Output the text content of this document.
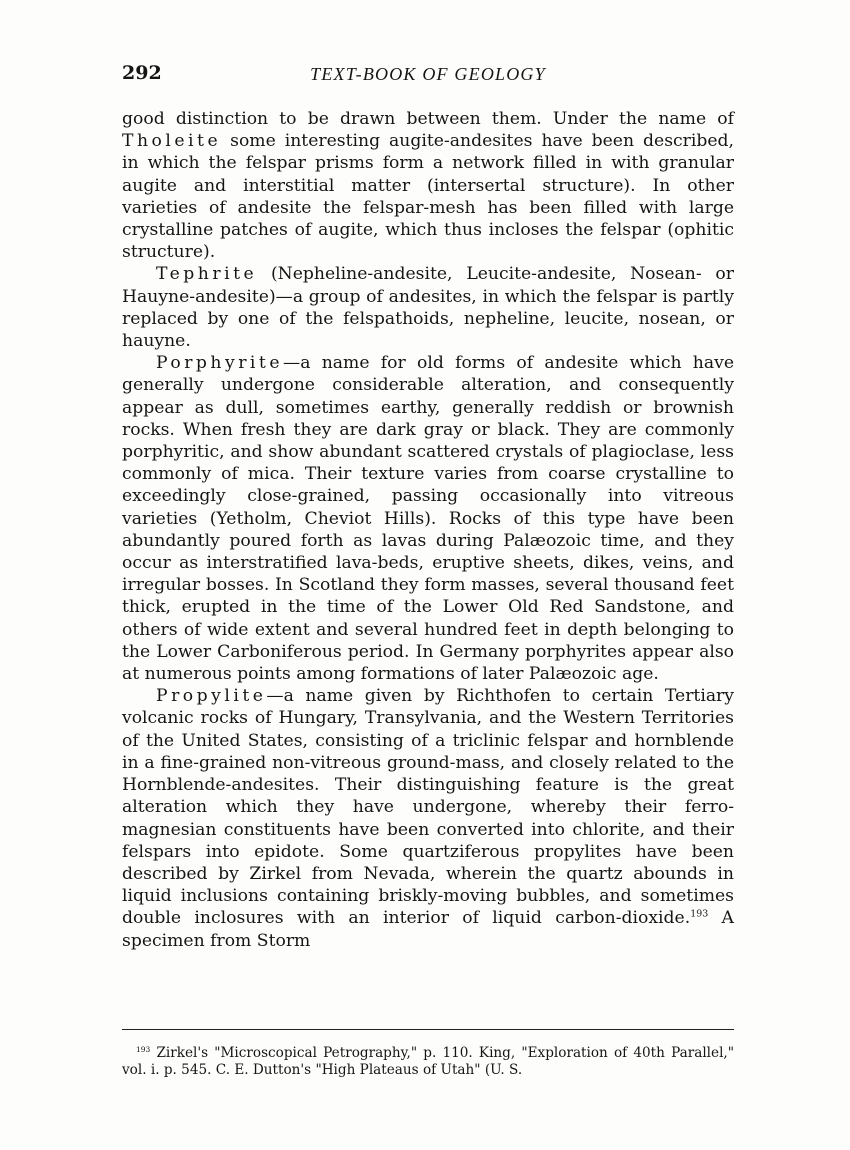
292	TEXT-BOOK OF GEOLOGY

good distinction to be drawn between them. Under the name of Tholeite some interesting augite-andesites have been described, in which the felspar prisms form a network filled in with granular augite and interstitial matter (intersertal structure). In other varieties of andesite the felspar-mesh has been filled with large crystalline patches of augite, which thus incloses the felspar (ophitic structure).

Tephrite (Nepheline-andesite, Leucite-andesite, Nosean- or Hauyne-andesite)—a group of andesites, in which the felspar is partly replaced by one of the felspathoids, nepheline, leucite, nosean, or hauyne.

Porphyrite—a name for old forms of andesite which have generally undergone considerable alteration, and consequently appear as dull, sometimes earthy, generally reddish or brownish rocks. When fresh they are dark gray or black. They are commonly porphyritic, and show abundant scattered crystals of plagioclase, less commonly of mica. Their texture varies from coarse crystalline to exceedingly close-grained, passing occasionally into vitreous varieties (Yetholm, Cheviot Hills). Rocks of this type have been abundantly poured forth as lavas during Palæozoic time, and they occur as interstratified lava-beds, eruptive sheets, dikes, veins, and irregular bosses. In Scotland they form masses, several thousand feet thick, erupted in the time of the Lower Old Red Sandstone, and others of wide extent and several hundred feet in depth belonging to the Lower Carboniferous period. In Germany porphyrites appear also at numerous points among formations of later Palæozoic age.

Propylite—a name given by Richthofen to certain Tertiary volcanic rocks of Hungary, Transylvania, and the Western Territories of the United States, consisting of a triclinic felspar and hornblende in a fine-grained non-vitreous ground-mass, and closely related to the Hornblende-andesites. Their distinguishing feature is the great alteration which they have undergone, whereby their ferro-magnesian constituents have been converted into chlorite, and their felspars into epidote. Some quartziferous propylites have been described by Zirkel from Nevada, wherein the quartz abounds in liquid inclusions containing briskly-moving bubbles, and sometimes double inclosures with an interior of liquid carbon-dioxide.$^{193}$ A specimen from Storm

$^{193}$ Zirkel's "Microscopical Petrography," p. 110. King, "Exploration of 40th Parallel," vol. i. p. 545. C. E. Dutton's "High Plateaus of Utah" (U. S.
